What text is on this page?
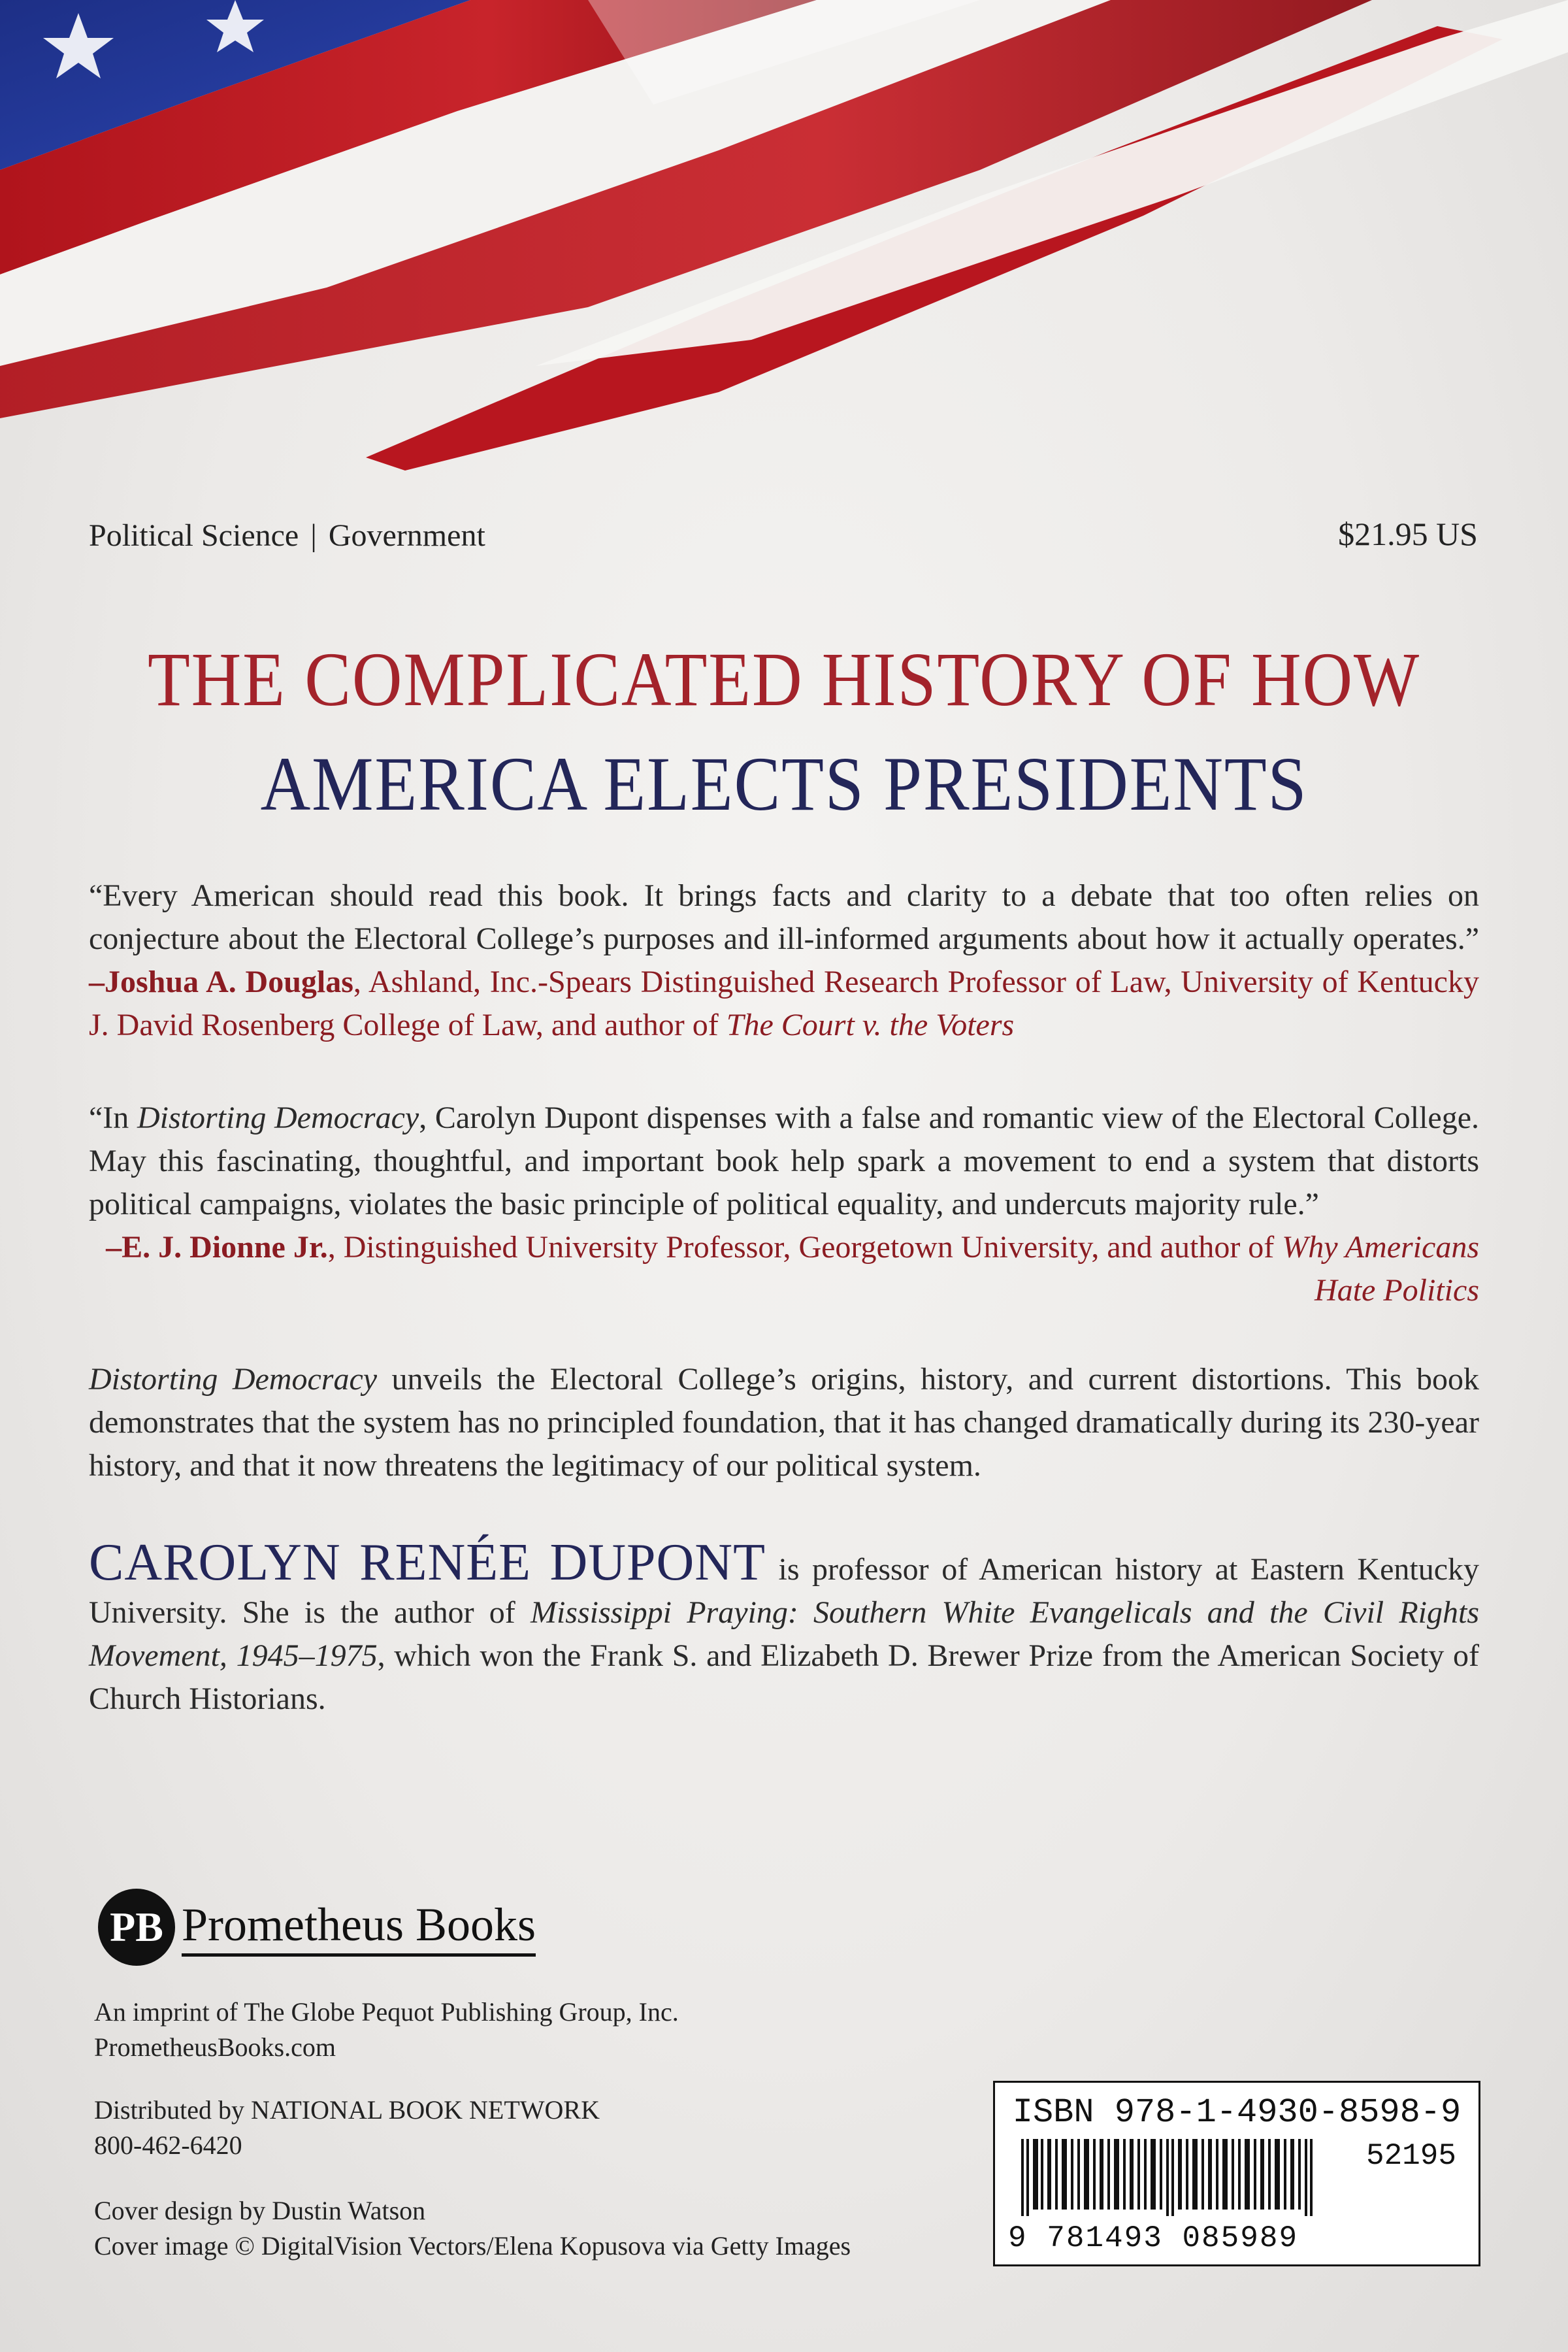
Political Science | Government	$21.95 US
THE COMPLICATED HISTORY OF HOW
AMERICA ELECTS PRESIDENTS
“Every American should read this book. It brings facts and clarity to a debate that too often relies on conjecture about the Electoral College’s purposes and ill-informed arguments about how it actually operates.” –Joshua A. Douglas, Ashland, Inc.-Spears Distinguished Research Professor of Law, University of Kentucky J. David Rosenberg College of Law, and author of The Court v. the Voters
“In Distorting Democracy, Carolyn Dupont dispenses with a false and romantic view of the Electoral College. May this fascinating, thoughtful, and important book help spark a movement to end a system that distorts political campaigns, violates the basic principle of political equality, and undercuts majority rule.”
–E. J. Dionne Jr., Distinguished University Professor, Georgetown University, and author of Why Americans Hate Politics
Distorting Democracy unveils the Electoral College’s origins, history, and current distortions. This book demonstrates that the system has no principled foundation, that it has changed dramatically during its 230-year history, and that it now threatens the legitimacy of our political system.
CAROLYN RENÉE DUPONT is professor of American history at Eastern Kentucky University. She is the author of Mississippi Praying: Southern White Evangelicals and the Civil Rights Movement, 1945–1975, which won the Frank S. and Elizabeth D. Brewer Prize from the American Society of Church Historians.
PB Prometheus Books
An imprint of The Globe Pequot Publishing Group, Inc.
PrometheusBooks.com
Distributed by NATIONAL BOOK NETWORK
800-462-6420
Cover design by Dustin Watson
Cover image © DigitalVision Vectors/Elena Kopusova via Getty Images
ISBN 978-1-4930-8598-9
52195
9 781493 085989
